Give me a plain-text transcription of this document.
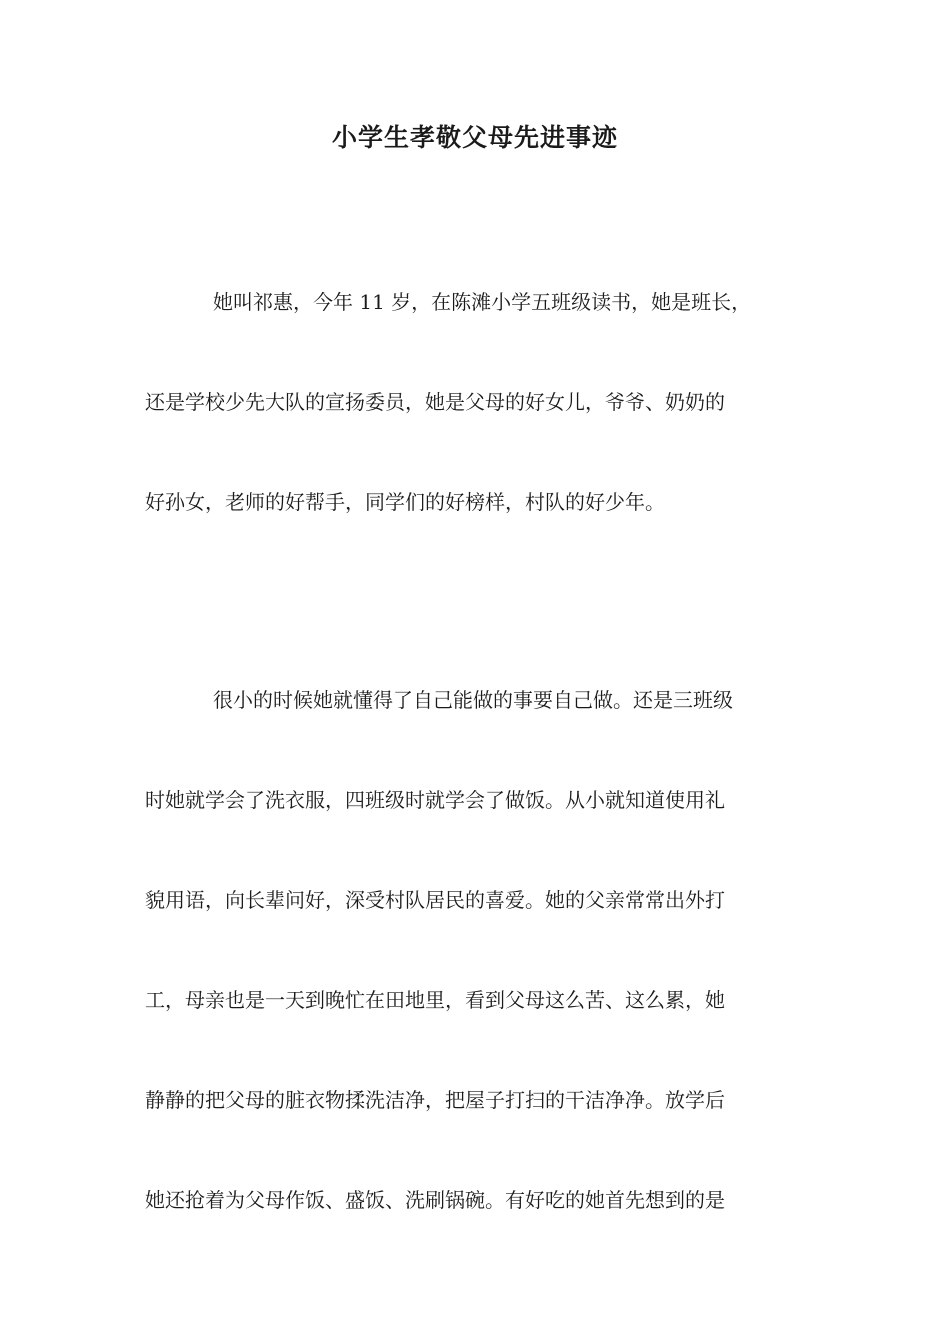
小学生孝敬父母先进事迹
她叫祁惠，今年 11 岁，在陈滩小学五班级读书，她是班长，
还是学校少先大队的宣扬委员，她是父母的好女儿，爷爷、奶奶的
好孙女，老师的好帮手，同学们的好榜样，村队的好少年。
很小的时候她就懂得了自己能做的事要自己做。还是三班级
时她就学会了洗衣服，四班级时就学会了做饭。从小就知道使用礼
貌用语，向长辈问好，深受村队居民的喜爱。她的父亲常常出外打
工，母亲也是一天到晚忙在田地里，看到父母这么苦、这么累，她
静静的把父母的脏衣物揉洗洁净，把屋子打扫的干洁净净。放学后
她还抢着为父母作饭、盛饭、洗刷锅碗。有好吃的她首先想到的是
